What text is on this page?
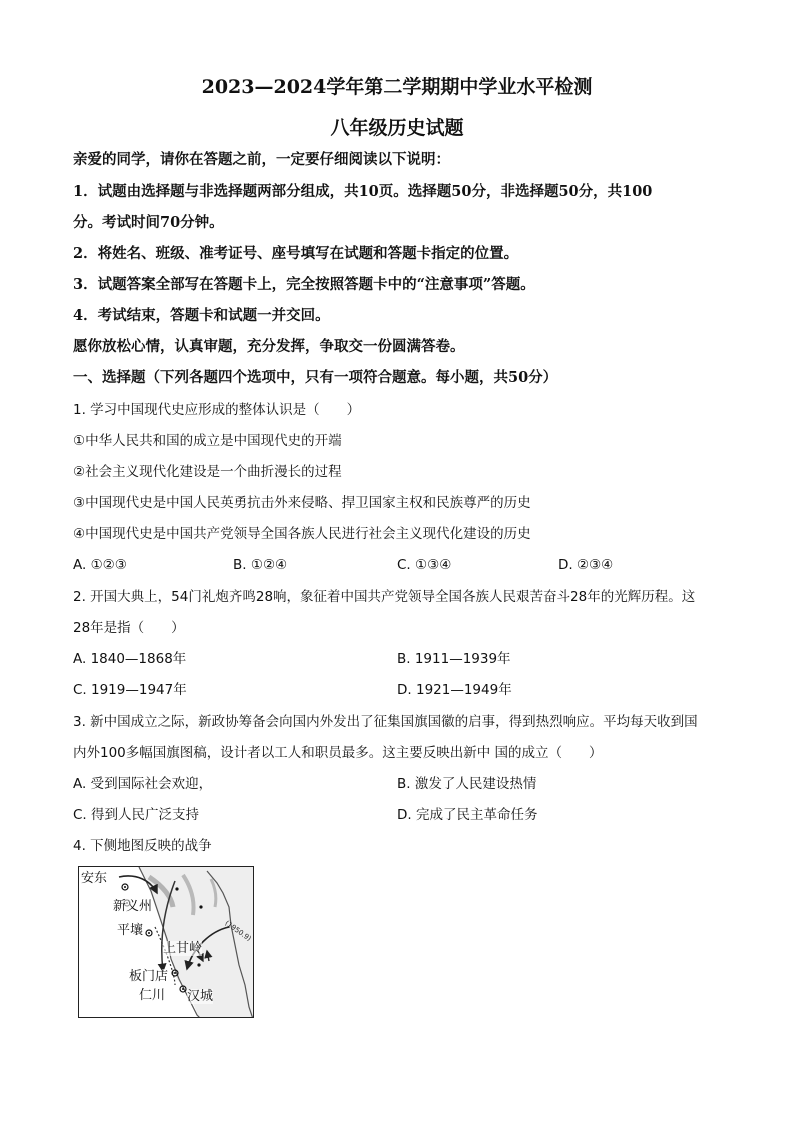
2023—2024学年第二学期期中学业水平检测
八年级历史试题
亲爱的同学，请你在答题之前，一定要仔细阅读以下说明：
1．试题由选择题与非选择题两部分组成，共10页。选择题50分，非选择题50分，共100
分。考试时间70分钟。
2．将姓名、班级、准考证号、座号填写在试题和答题卡指定的位置。
3．试题答案全部写在答题卡上，完全按照答题卡中的“注意事项”答题。
4．考试结束，答题卡和试题一并交回。
愿你放松心情，认真审题，充分发挥，争取交一份圆满答卷。
一、选择题（下列各题四个选项中，只有一项符合题意。每小题，共50分）
1. 学习中国现代史应形成的整体认识是（　　）
①中华人民共和国的成立是中国现代史的开端
②社会主义现代化建设是一个曲折漫长的过程
③中国现代史是中国人民英勇抗击外来侵略、捍卫国家主权和民族尊严的历史
④中国现代史是中国共产党领导全国各族人民进行社会主义现代化建设的历史
A. ①②③	B. ①②④	C. ①③④	D. ②③④
2. 开国大典上，54门礼炮齐鸣28响，象征着中国共产党领导全国各族人民艰苦奋斗28年的光辉历程。这
28年是指（　　）
A. 1840—1868年	B. 1911—1939年
C. 1919—1947年	D. 1921—1949年
3. 新中国成立之际，新政协筹备会向国内外发出了征集国旗国徽的启事，得到热烈响应。平均每天收到国
内外100多幅国旗图稿，设计者以工人和职员最多。这主要反映出新中 国的成立（　　）
A. 受到国际社会欢迎，	B. 激发了人民建设热情
C. 得到人民广泛支持	D. 完成了民主革命任务
4. 下侧地图反映的战争
安东
新义州
平壤
上甘岭
板门店
仁川 汉城
(1950.9)
